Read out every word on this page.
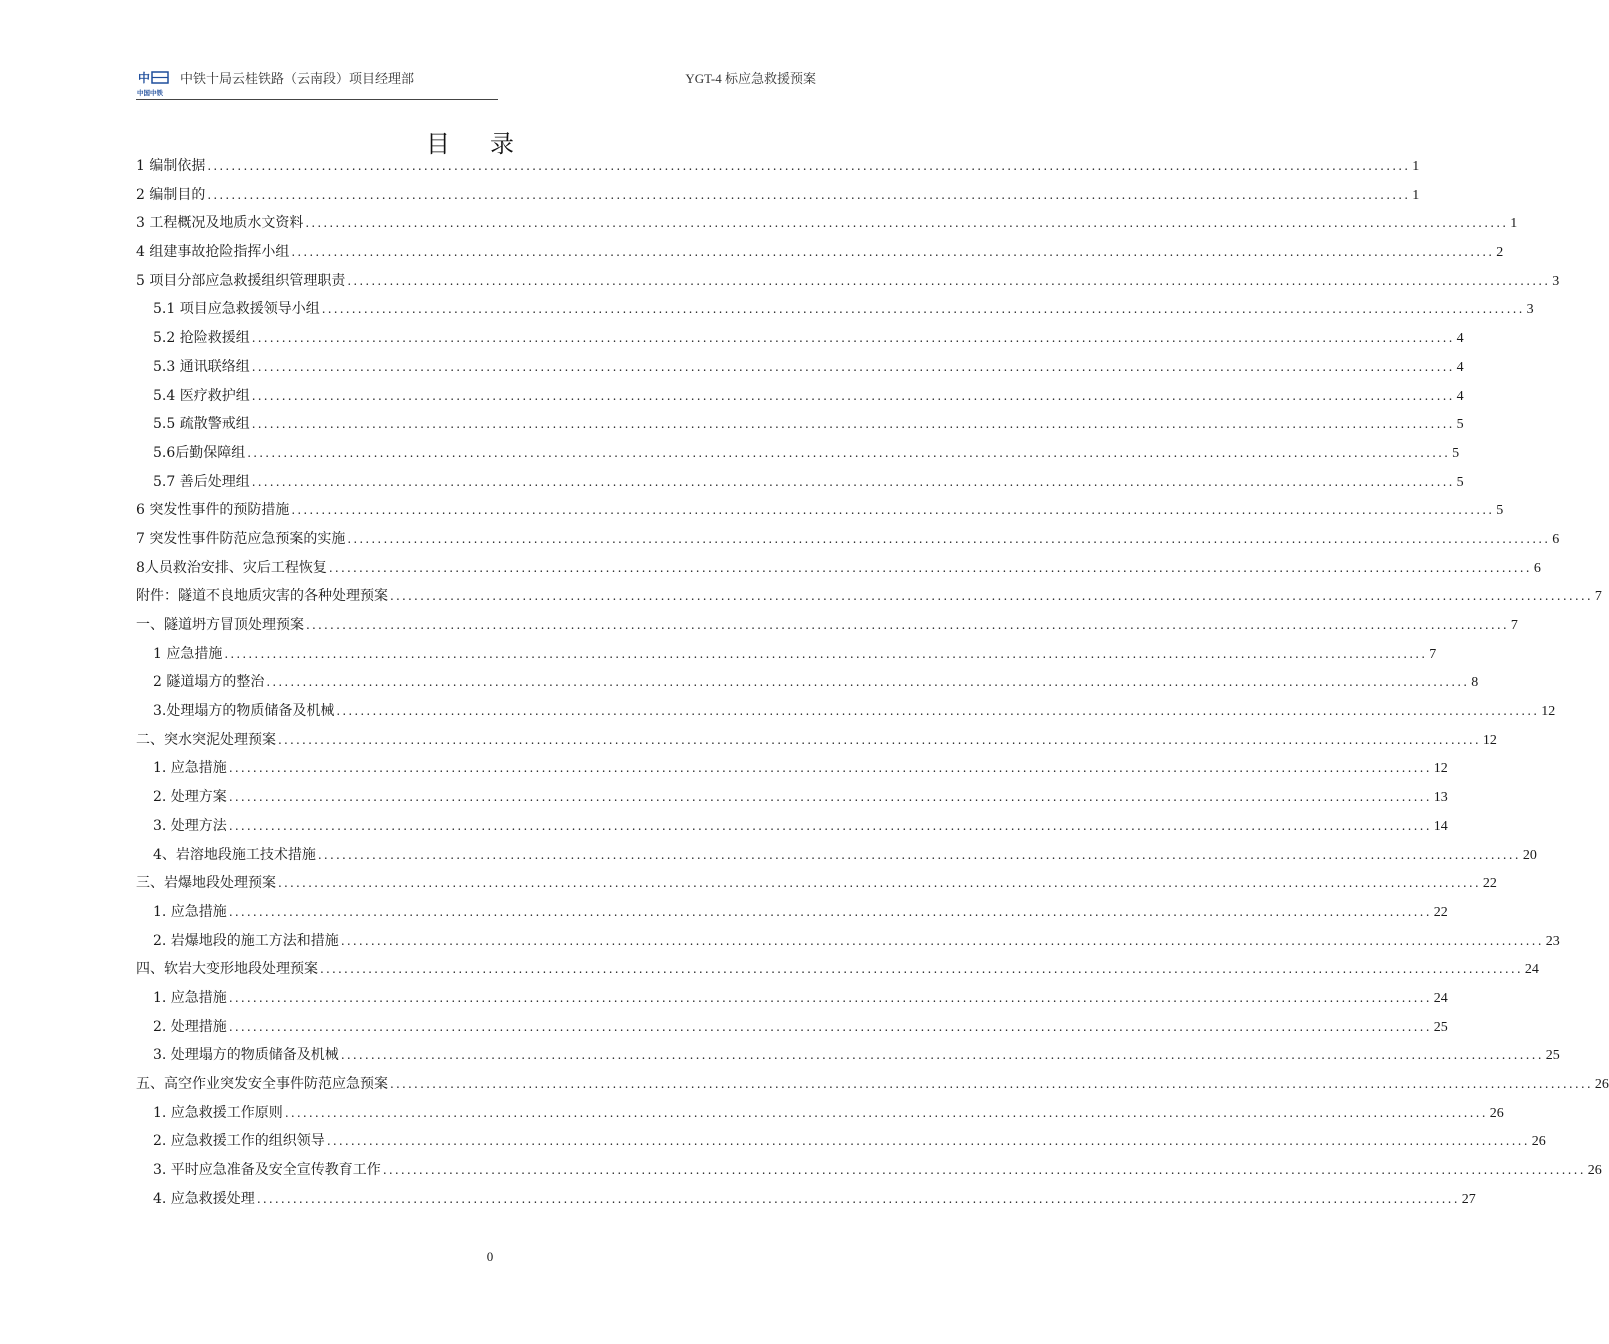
中
中国中铁
中铁十局云桂铁路（云南段）项目经理部	YGT-4 标应急救援预案
目录
1 编制依据 ........................................................................................................................................................................................................ 1
2 编制目的 ........................................................................................................................................................................................................ 1
3 工程概况及地质水文资料 ........................................................................................................................................................................................................ 1
4 组建事故抢险指挥小组 ........................................................................................................................................................................................................ 2
5 项目分部应急救援组织管理职责 ........................................................................................................................................................................................................ 3
5.1 项目应急救援领导小组 ........................................................................................................................................................................................................ 3
5.2 抢险救援组 ........................................................................................................................................................................................................ 4
5.3 通讯联络组 ........................................................................................................................................................................................................ 4
5.4 医疗救护组 ........................................................................................................................................................................................................ 4
5.5 疏散警戒组 ........................................................................................................................................................................................................ 5
5.6后勤保障组 ........................................................................................................................................................................................................ 5
5.7 善后处理组 ........................................................................................................................................................................................................ 5
6 突发性事件的预防措施 ........................................................................................................................................................................................................ 5
7 突发性事件防范应急预案的实施 ........................................................................................................................................................................................................ 6
8人员救治安排、灾后工程恢复 ........................................................................................................................................................................................................ 6
附件：隧道不良地质灾害的各种处理预案 ........................................................................................................................................................................................................ 7
一、隧道坍方冒顶处理预案 ........................................................................................................................................................................................................ 7
1 应急措施 ........................................................................................................................................................................................................ 7
2 隧道塌方的整治 ........................................................................................................................................................................................................ 8
3.处理塌方的物质储备及机械 ........................................................................................................................................................................................................ 12
二、突水突泥处理预案 ........................................................................................................................................................................................................ 12
1. 应急措施 ........................................................................................................................................................................................................ 12
2. 处理方案 ........................................................................................................................................................................................................ 13
3. 处理方法 ........................................................................................................................................................................................................ 14
4、岩溶地段施工技术措施 ........................................................................................................................................................................................................ 20
三、岩爆地段处理预案 ........................................................................................................................................................................................................ 22
1. 应急措施 ........................................................................................................................................................................................................ 22
2. 岩爆地段的施工方法和措施 ........................................................................................................................................................................................................ 23
四、软岩大变形地段处理预案 ........................................................................................................................................................................................................ 24
1. 应急措施 ........................................................................................................................................................................................................ 24
2. 处理措施 ........................................................................................................................................................................................................ 25
3. 处理塌方的物质储备及机械 ........................................................................................................................................................................................................ 25
五、高空作业突发安全事件防范应急预案 ........................................................................................................................................................................................................ 26
1. 应急救援工作原则 ........................................................................................................................................................................................................ 26
2. 应急救援工作的组织领导 ........................................................................................................................................................................................................ 26
3. 平时应急准备及安全宣传教育工作 ........................................................................................................................................................................................................ 26
4. 应急救援处理 ........................................................................................................................................................................................................ 27
0
